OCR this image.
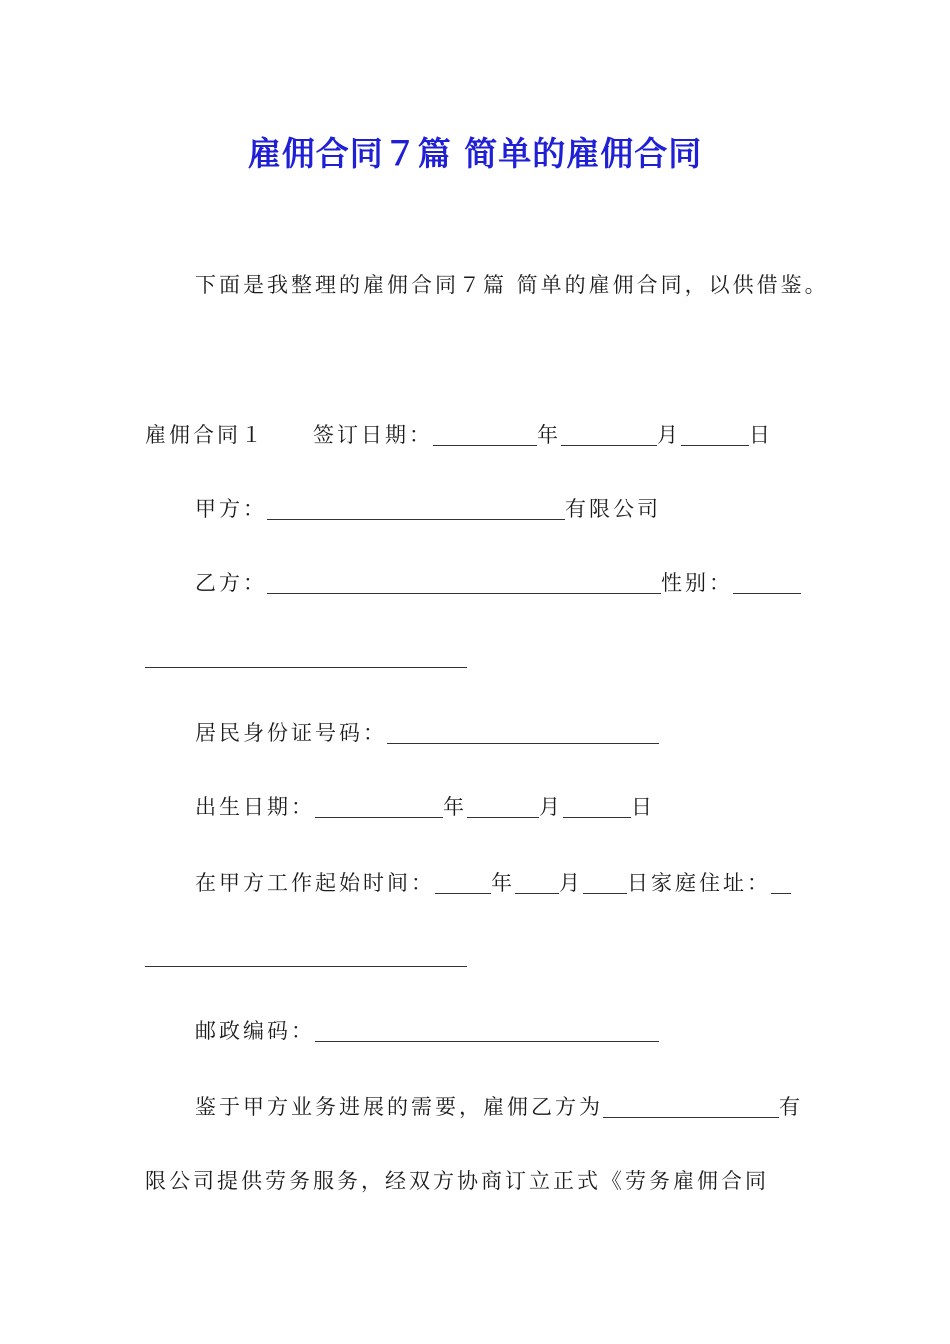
雇佣合同７篇 简单的雇佣合同
下面是我整理的雇佣合同７篇 简单的雇佣合同，以供借鉴。
雇佣合同１ 签订日期：	年	月	日
甲方：	有限公司
乙方：	性别：
居民身份证号码：
出生日期：	年	月	日
在甲方工作起始时间：	年 月 日家庭住址：
邮政编码：
鉴于甲方业务进展的需要，雇佣乙方为	有
限公司提供劳务服务，经双方协商订立正式《劳务雇佣合同
